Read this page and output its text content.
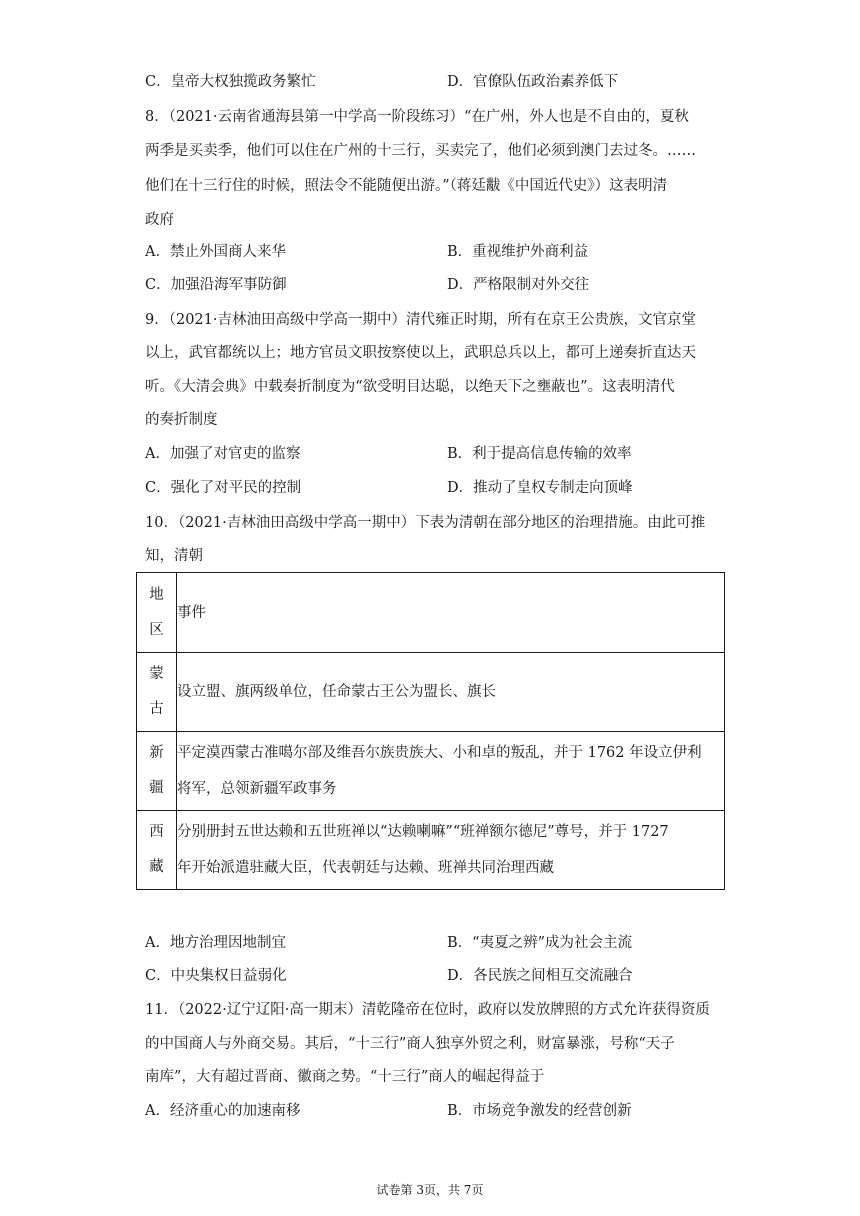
C．皇帝大权独揽政务繁忙	D．官僚队伍政治素养低下
8．（2021·云南省通海县第一中学高一阶段练习）“在广州，外人也是不自由的，夏秋
两季是买卖季，他们可以住在广州的十三行，买卖完了，他们必须到澳门去过冬。……
他们在十三行住的时候，照法令不能随便出游。”（蒋廷黻《中国近代史》）这表明清
政府
A．禁止外国商人来华	B．重视维护外商利益
C．加强沿海军事防御	D．严格限制对外交往
9．（2021·吉林油田高级中学高一期中）清代雍正时期，所有在京王公贵族，文官京堂
以上，武官都统以上；地方官员文职按察使以上，武职总兵以上，都可上递奏折直达天
听。《大清会典》中载奏折制度为“欲受明目达聪，以绝天下之壅蔽也”。这表明清代
的奏折制度
A．加强了对官吏的监察	B．利于提高信息传输的效率
C．强化了对平民的控制	D．推动了皇权专制走向顶峰
10．（2021·吉林油田高级中学高一期中）下表为清朝在部分地区的治理措施。由此可推
知，清朝
地区	事件

蒙古	设立盟、旗两级单位，任命蒙古王公为盟长、旗长

新疆	平定漠西蒙古准噶尔部及维吾尔族贵族大、小和卓的叛乱，并于 1762 年设立伊利
将军，总领新疆军政事务

西藏	分别册封五世达赖和五世班禅以“达赖喇嘛”“班禅额尔德尼”尊号，并于 1727
年开始派遣驻藏大臣，代表朝廷与达赖、班禅共同治理西藏
A．地方治理因地制宜	B．“夷夏之辨”成为社会主流
C．中央集权日益弱化	D．各民族之间相互交流融合
11．（2022·辽宁辽阳·高一期末）清乾隆帝在位时，政府以发放牌照的方式允许获得资质
的中国商人与外商交易。其后，“十三行”商人独享外贸之利，财富暴涨，号称“天子
南库”，大有超过晋商、徽商之势。“十三行”商人的崛起得益于
A．经济重心的加速南移	B．市场竞争激发的经营创新
试卷第 3页，共 7页
